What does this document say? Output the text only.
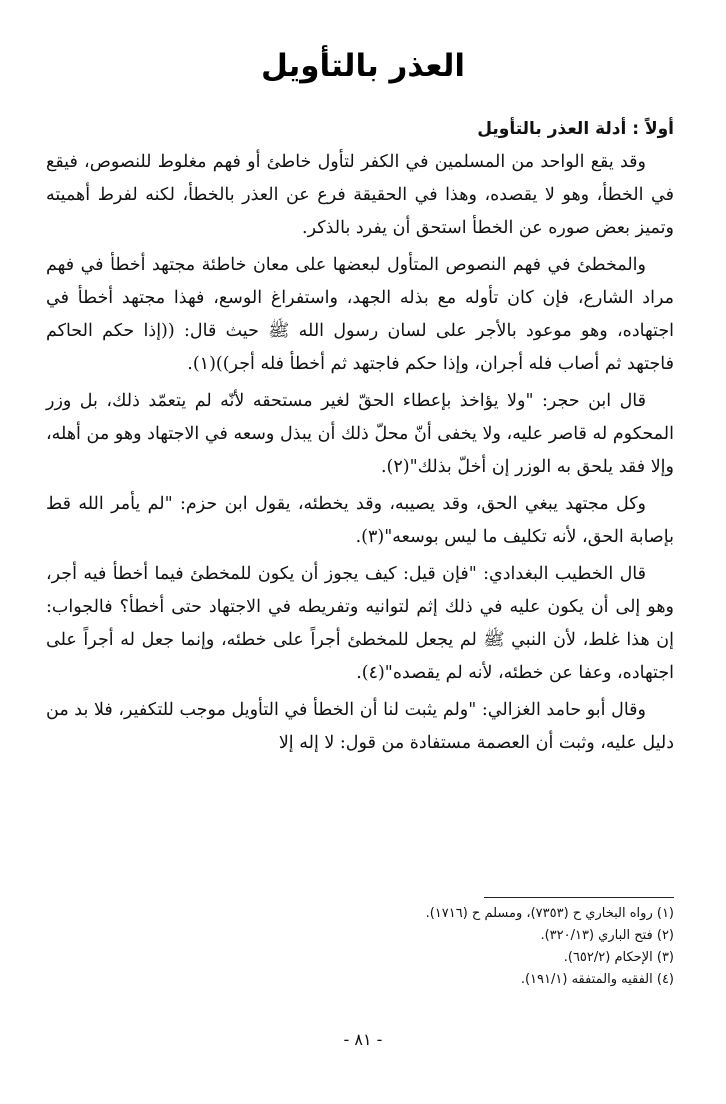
العذر بالتأويل
أولاً : أدلة العذر بالتأويل

وقد يقع الواحد من المسلمين في الكفر لتأول خاطئ أو فهم مغلوط للنصوص، فيقع في الخطأ، وهو لا يقصده، وهذا في الحقيقة فرع عن العذر بالخطأ، لكنه لفرط أهميته وتميز بعض صوره عن الخطأ استحق أن يفرد بالذكر.

والمخطئ في فهم النصوص المتأول لبعضها على معان خاطئة مجتهد أخطأ في فهم مراد الشارع، فإن كان تأوله مع بذله الجهد، واستفراغ الوسع، فهذا مجتهد أخطأ في اجتهاده، وهو موعود بالأجر على لسان رسول الله ﷺ حيث قال: ((إذا حكم الحاكم فاجتهد ثم أصاب فله أجران، وإذا حكم فاجتهد ثم أخطأ فله أجر))(١).

قال ابن حجر: "ولا يؤاخذ بإعطاء الحقّ لغير مستحقه لأنّه لم يتعمّد ذلك، بل وزر المحكوم له قاصر عليه، ولا يخفى أنّ محلّ ذلك أن يبذل وسعه في الاجتهاد وهو من أهله، وإلا فقد يلحق به الوزر إن أخلّ بذلك"(٢).

وكل مجتهد يبغي الحق، وقد يصيبه، وقد يخطئه، يقول ابن حزم: "لم يأمر الله قط بإصابة الحق، لأنه تكليف ما ليس بوسعه"(٣).

قال الخطيب البغدادي: "فإن قيل: كيف يجوز أن يكون للمخطئ فيما أخطأ فيه أجر، وهو إلى أن يكون عليه في ذلك إثم لتوانيه وتفريطه في الاجتهاد حتى أخطأ؟ فالجواب: إن هذا غلط، لأن النبي ﷺ لم يجعل للمخطئ أجراً على خطئه، وإنما جعل له أجراً على اجتهاده، وعفا عن خطئه، لأنه لم يقصده"(٤).

وقال أبو حامد الغزالي: "ولم يثبت لنا أن الخطأ في التأويل موجب للتكفير، فلا بد من دليل عليه، وثبت أن العصمة مستفادة من قول: لا إله إلا

(١) رواه البخاري ح (٧٣٥٣)، ومسلم ح (١٧١٦).
(٢) فتح الباري (٣٢٠/١٣).
(٣) الإحكام (٦٥٢/٢).
(٤) الفقيه والمتفقه (١٩١/١).
- ٨١ -
